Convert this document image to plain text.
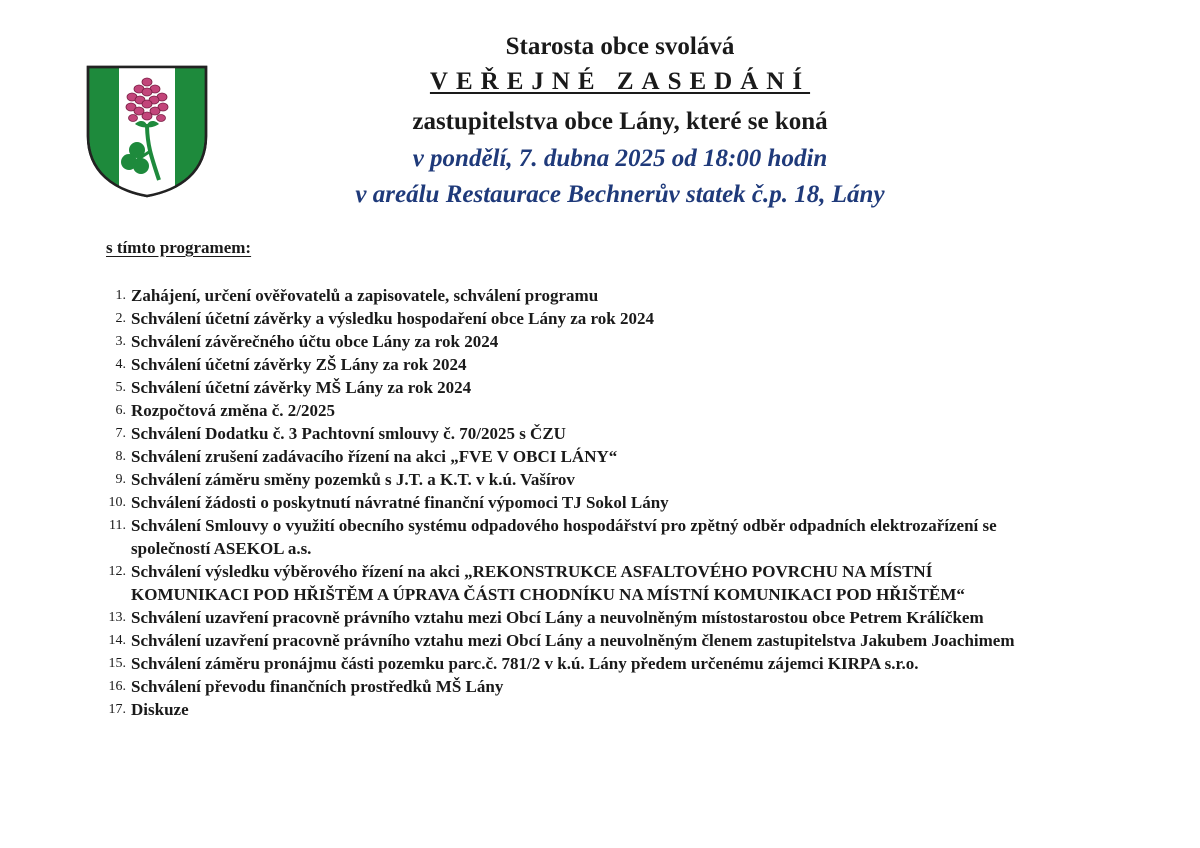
Starosta obce svolává
VEŘEJNÉ ZASEDÁNÍ
zastupitelstva obce Lány, které se koná
v pondělí, 7. dubna 2025 od 18:00 hodin
v areálu Restaurace Bechnerův statek č.p. 18, Lány
s tímto programem:
1. Zahájení, určení ověřovatelů a zapisovatele, schválení programu
2. Schválení účetní závěrky a výsledku hospodaření obce Lány za rok 2024
3. Schválení závěrečného účtu obce Lány za rok 2024
4. Schválení účetní závěrky ZŠ Lány za rok 2024
5. Schválení účetní závěrky MŠ Lány za rok 2024
6. Rozpočtová změna č. 2/2025
7. Schválení Dodatku č. 3 Pachtovní smlouvy č. 70/2025 s ČZU
8. Schválení zrušení zadávacího řízení na akci „FVE V OBCI LÁNY“
9. Schválení záměru směny pozemků s J.T. a K.T. v k.ú. Vašírov
10. Schválení žádosti o poskytnutí návratné finanční výpomoci TJ Sokol Lány
11. Schválení Smlouvy o využití obecního systému odpadového hospodářství pro zpětný odběr odpadních elektrozařízení se společností ASEKOL a.s.
12. Schválení výsledku výběrového řízení na akci „REKONSTRUKCE ASFALTOVÉHO POVRCHU NA MÍSTNÍ KOMUNIKACI POD HŘIŠTĚM A ÚPRAVA ČÁSTI CHODNÍKU NA MÍSTNÍ KOMUNIKACI POD HŘIŠTĚM“
13. Schválení uzavření pracovně právního vztahu mezi Obcí Lány a neuvolněným místostarostou obce Petrem Králíčkem
14. Schválení uzavření pracovně právního vztahu mezi Obcí Lány a neuvolněným členem zastupitelstva Jakubem Joachimem
15. Schválení záměru pronájmu části pozemku parc.č. 781/2 v k.ú. Lány předem určenému zájemci KIRPA s.r.o.
16. Schválení převodu finančních prostředků MŠ Lány
17. Diskuze
